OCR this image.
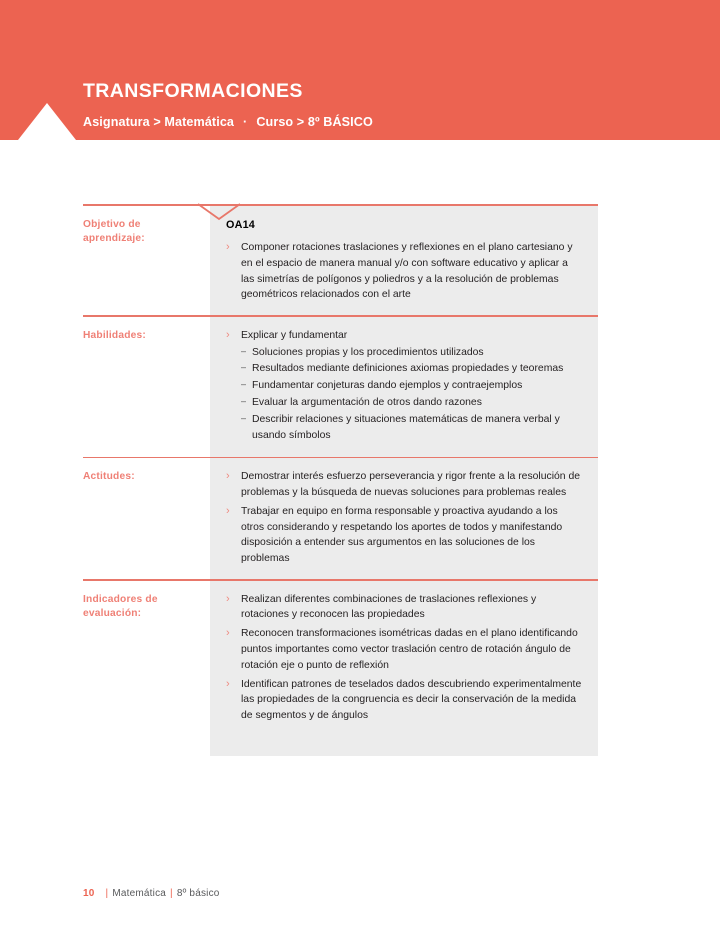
TRANSFORMACIONES
Asignatura > Matemática · Curso > 8º BÁSICO
Objetivo de aprendizaje:
OA14
› Componer rotaciones traslaciones y reflexiones en el plano cartesiano y en el espacio de manera manual y/o con software educativo y aplicar a las simetrías de polígonos y poliedros y a la resolución de problemas geométricos relacionados con el arte
Habilidades:	› Explicar y fundamentar
– Soluciones propias y los procedimientos utilizados
– Resultados mediante definiciones axiomas propiedades y teoremas
– Fundamentar conjeturas dando ejemplos y contraejemplos
– Evaluar la argumentación de otros dando razones
– Describir relaciones y situaciones matemáticas de manera verbal y usando símbolos
Actitudes:	› Demostrar interés esfuerzo perseverancia y rigor frente a la resolución de problemas y la búsqueda de nuevas soluciones para problemas reales
› Trabajar en equipo en forma responsable y proactiva ayudando a los otros considerando y respetando los aportes de todos y manifestando disposición a entender sus argumentos en las soluciones de los problemas
Indicadores de evaluación:
› Realizan diferentes combinaciones de traslaciones reflexiones y rotaciones y reconocen las propiedades
› Reconocen transformaciones isométricas dadas en el plano identificando puntos importantes como vector traslación centro de rotación ángulo de rotación eje o punto de reflexión
› Identifican patrones de teselados dados descubriendo experimentalmente las propiedades de la congruencia es decir la conservación de la medida de segmentos y de ángulos
10 | Matemática | 8º básico
